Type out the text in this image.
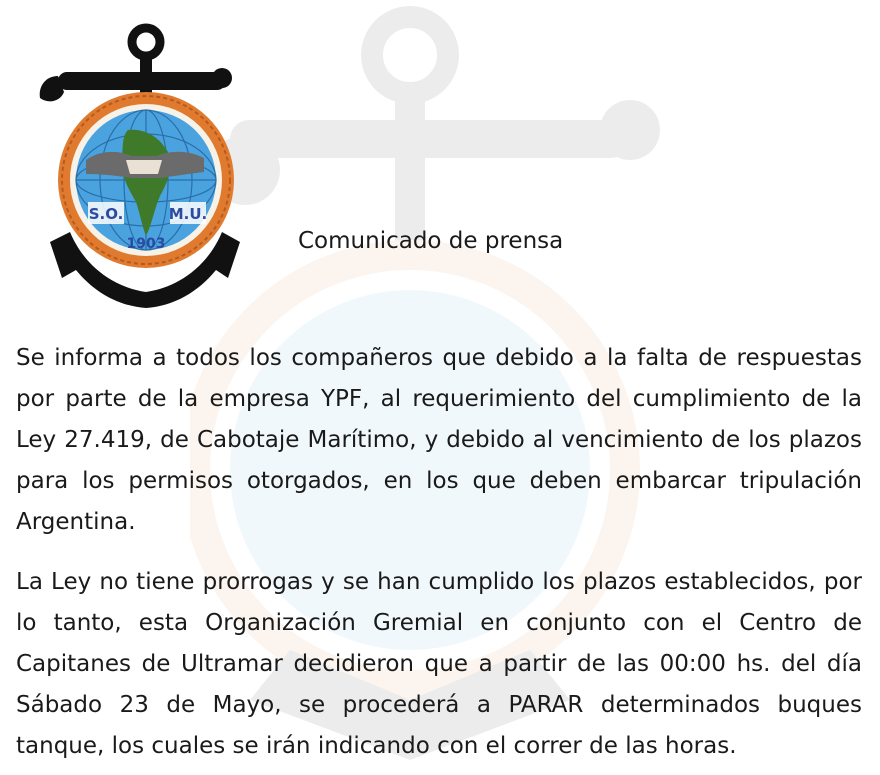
S.O.	M.U.
1903	Comunicado de prensa

Se informa a todos los compañeros que debido a la falta de respuestas por parte de la empresa YPF, al requerimiento del cumplimiento de la Ley 27.419, de Cabotaje Marítimo, y debido al vencimiento de los plazos para los permisos otorgados, en los que deben embarcar tripulación Argentina.

La Ley no tiene prorrogas y se han cumplido los plazos establecidos, por lo tanto, esta Organización Gremial en conjunto con el Centro de Capitanes de Ultramar decidieron que a partir de las 00:00 hs. del día Sábado 23 de Mayo, se procederá a PARAR determinados buques tanque, los cuales se irán indicando con el correr de las horas.
